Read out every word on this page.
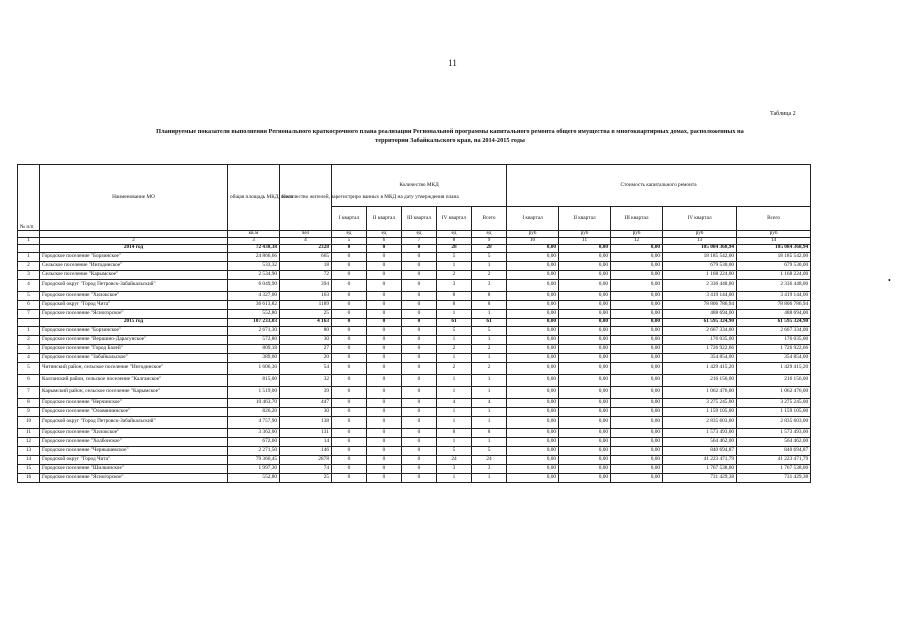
11
Таблица 2
Планируемые показатели выполнения Регионального краткосрочного плана реализации Региональной программы капитального ремонта общего имущества в многоквартирных домах, расположенных на
территории Забайкальского края, на 2014-2015 годы
•
№ п/п	Наименование МО	общая площадь МКД, всего	Количество жителей, зарегистриро ванных в МКД на дату утверждения плана	Количество МКД					Стоимость капитального ремонта				
				I квартал	II квартал	III квартал	IV квартал	Всего	I квартал	II квартал	III квартал	IV квартал	Всего
		кв.м	чел	ед	ед	ед	ед	ед	руб	руб	руб	руб	руб
1	2	3	4	5	6	7	8	9	10	11	12	13	14
	2014 год	72 438,38	2328	0	0	0	28	28	0,00	0,00	0,00	105 084 368,94	105 084 368,94
1	Городское поселение "Борзинское"	24 866,66	665	0	0	0	5	5	0,00	0,00	0,00	18 185 542,00	18 185 542,00
2	Сельское поселение "Ингодинское"	533,32	18	0	0	0	1	1	0,00	0,00	0,00	679 530,00	679 530,00
3	Сельское поселение "Карымское"	2 534,90	72	0	0	0	2	2	0,00	0,00	0,00	1 168 224,00	1 168 224,00
4	Городской округ "Город Петровск-Забайкальский"	6 049,90	394	0	0	0	3	3	0,00	0,00	0,00	2 336 448,00	2 336 448,00
5	Городское поселение "Хилокское"	4 327,00	163	0	0	0	8	8	0,00	0,00	0,00	3 419 144,00	3 419 144,00
6	Городской округ "Город Чита"	36 613,82	1189	0	0	0	8	8	0,00	0,00	0,00	78 806 786,94	78 806 786,94
7	Городское поселение "Ясногорское"	552,80	25	0	0	0	1	1	0,00	0,00	0,00	488 694,00	488 694,00
	2015 год	107 233,03	4 163	0	0	0	61	61	0,00	0,00	0,00	61 595 324,90	61 595 324,90
1	Городское поселение "Борзинское"	2 671,30	80	0	0	0	5	5	0,00	0,00	0,00	2 667 334,00	2 667 334,00
2	Городское поселение "Вершино-Дарасунское"	572,80	30	0	0	0	1	1	0,00	0,00	0,00	176 035,00	176 035,00
3	Городское поселение "Город Балей"	809,18	27	0	0	0	2	2	0,00	0,00	0,00	1 726 922,66	1 726 922,66
4	Городское поселение "Забайкальское"	389,00	20	0	0	0	1	1	0,00	0,00	0,00	354 854,00	354 854,00
5	Читинский район, сельское поселение "Ингодинское"	1 606,30	54	0	0	0	2	2	0,00	0,00	0,00	1 429 415,20	1 429 415,20
6	Калганский район, сельское поселение "Калганское"	815,00	32	0	0	0	1	1	0,00	0,00	0,00	216 156,00	216 156,00
7	Карымский район, сельское поселение "Карымское"	1 519,00	39	0	0	0	1	1	0,00	0,00	0,00	1 062 476,00	1 062 476,00
8	Городское поселение "Нерчинское"	10 463,70	447	0	0	0	4	4	0,00	0,00	0,00	3 275 245,00	3 275 245,00
9	Городское поселение "Оловяннинское"	826,20	30	0	0	0	1	1	0,00	0,00	0,00	1 159 105,00	1 159 105,00
10	Городской округ "Город Петровск-Забайкальский"	4 757,90	138	0	0	0	1	1	0,00	0,00	0,00	2 835 603,00	2 835 603,00
11	Городское поселение "Хилокское"	3 362,00	131	0	0	0	8	8	0,00	0,00	0,00	1 573 493,00	1 573 493,00
12	Городское поселение "Холбонское"	672,60	14	0	0	0	1	1	0,00	0,00	0,00	564 462,00	564 462,00
13	Городское поселение "Чернышевское"	2 271,50	146	0	0	0	5	5	0,00	0,00	0,00	840 694,87	840 694,87
14	Городской округ "Город Чита"	79 366,45	2878	0	0	0	24	24	0,00	0,00	0,00	41 223 471,79	41 223 471,79
15	Городское поселение "Шилкинское"	1 997,30	74	0	0	0	3	3	0,00	0,00	0,00	1 767 538,00	1 767 538,00
16	Городское поселение "Ясногорское"	552,80	25	0	0	0	1	1	0,00	0,00	0,00	731 429,38	731 429,38
